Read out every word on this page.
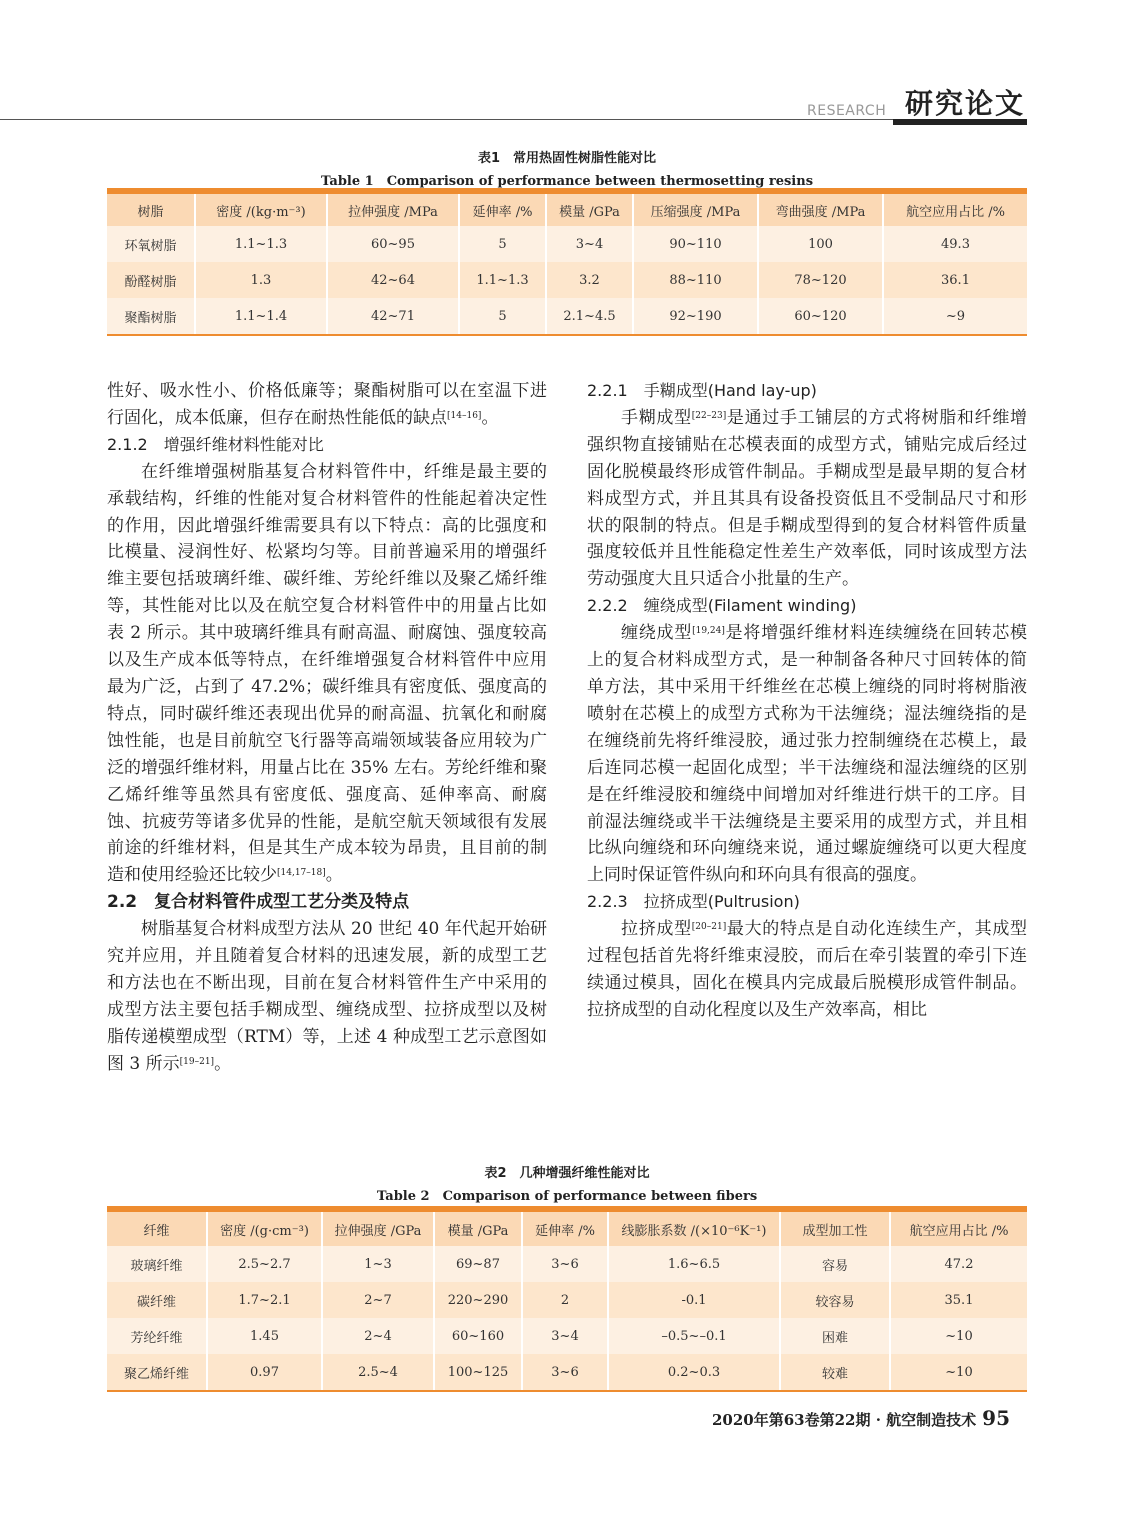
RESEARCH 研究论文
表1　常用热固性树脂性能对比
Table 1　Comparison of performance between thermosetting resins
树脂	密度 /(kg·m⁻³)	拉伸强度 /MPa	延伸率 /%	模量 /GPa	压缩强度 /MPa	弯曲强度 /MPa	航空应用占比 /%
环氧树脂	1.1~1.3	60~95	5	3~4	90~110	100	49.3
酚醛树脂	1.3	42~64	1.1~1.3	3.2	88~110	78~120	36.1
聚酯树脂	1.1~1.4	42~71	5	2.1~4.5	92~190	60~120	~9

性好、吸水性小、价格低廉等；聚酯树脂可以在室温下进行固化，成本低廉，但存在耐热性能低的缺点[14–16]。

2.1.2　增强纤维材料性能对比

在纤维增强树脂基复合材料管件中，纤维是最主要的承载结构，纤维的性能对复合材料管件的性能起着决定性的作用，因此增强纤维需要具有以下特点：高的比强度和比模量、浸润性好、松紧均匀等。目前普遍采用的增强纤维主要包括玻璃纤维、碳纤维、芳纶纤维以及聚乙烯纤维等，其性能对比以及在航空复合材料管件中的用量占比如表 2 所示。其中玻璃纤维具有耐高温、耐腐蚀、强度较高以及生产成本低等特点，在纤维增强复合材料管件中应用最为广泛，占到了 47.2%；碳纤维具有密度低、强度高的特点，同时碳纤维还表现出优异的耐高温、抗氧化和耐腐蚀性能，也是目前航空飞行器等高端领域装备应用较为广泛的增强纤维材料，用量占比在 35% 左右。芳纶纤维和聚乙烯纤维等虽然具有密度低、强度高、延伸率高、耐腐蚀、抗疲劳等诸多优异的性能，是航空航天领域很有发展前途的纤维材料，但是其生产成本较为昂贵，且目前的制造和使用经验还比较少[14,17–18]。

2.2　复合材料管件成型工艺分类及特点

树脂基复合材料成型方法从 20 世纪 40 年代起开始研究并应用，并且随着复合材料的迅速发展，新的成型工艺和方法也在不断出现，目前在复合材料管件生产中采用的成型方法主要包括手糊成型、缠绕成型、拉挤成型以及树脂传递模塑成型（RTM）等，上述 4 种成型工艺示意图如图 3 所示[19–21]。

2.2.1　手糊成型(Hand lay-up)

手糊成型[22–23]是通过手工铺层的方式将树脂和纤维增强织物直接铺贴在芯模表面的成型方式，铺贴完成后经过固化脱模最终形成管件制品。手糊成型是最早期的复合材料成型方式，并且其具有设备投资低且不受制品尺寸和形状的限制的特点。但是手糊成型得到的复合材料管件质量强度较低并且性能稳定性差生产效率低，同时该成型方法劳动强度大且只适合小批量的生产。

2.2.2　缠绕成型(Filament winding)

缠绕成型[19,24]是将增强纤维材料连续缠绕在回转芯模上的复合材料成型方式，是一种制备各种尺寸回转体的简单方法，其中采用干纤维丝在芯模上缠绕的同时将树脂液喷射在芯模上的成型方式称为干法缠绕；湿法缠绕指的是在缠绕前先将纤维浸胶，通过张力控制缠绕在芯模上，最后连同芯模一起固化成型；半干法缠绕和湿法缠绕的区别是在纤维浸胶和缠绕中间增加对纤维进行烘干的工序。目前湿法缠绕或半干法缠绕是主要采用的成型方式，并且相比纵向缠绕和环向缠绕来说，通过螺旋缠绕可以更大程度上同时保证管件纵向和环向具有很高的强度。

2.2.3　拉挤成型(Pultrusion)

拉挤成型[20–21]最大的特点是自动化连续生产，其成型过程包括首先将纤维束浸胶，而后在牵引装置的牵引下连续通过模具，固化在模具内完成最后脱模形成管件制品。拉挤成型的自动化程度以及生产效率高，相比

表2　几种增强纤维性能对比
Table 2　Comparison of performance between fibers
纤维	密度 /(g·cm⁻³)	拉伸强度 /GPa	模量 /GPa	延伸率 /%	线膨胀系数 /(×10⁻⁶K⁻¹)	成型加工性	航空应用占比 /%
玻璃纤维	2.5~2.7	1~3	69~87	3~6	1.6~6.5	容易	47.2
碳纤维	1.7~2.1	2~7	220~290	2	-0.1	较容易	35.1
芳纶纤维	1.45	2~4	60~160	3~4	–0.5~–0.1	困难	~10
聚乙烯纤维	0.97	2.5~4	100~125	3~6	0.2~0.3	较难	~10
2020年第63卷第22期 · 航空制造技术 95
